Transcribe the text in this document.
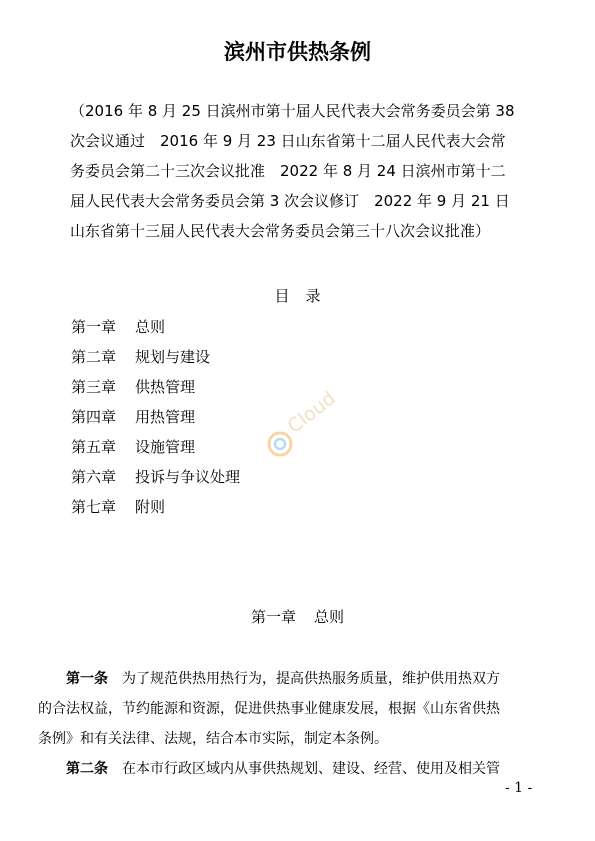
滨州市供热条例
（2016 年 8 月 25 日滨州市第十届人民代表大会常务委员会第 38
次会议通过　2016 年 9 月 23 日山东省第十二届人民代表大会常
务委员会第二十三次会议批准　2022 年 8 月 24 日滨州市第十二
届人民代表大会常务委员会第 3 次会议修订　2022 年 9 月 21 日
山东省第十三届人民代表大会常务委员会第三十八次会议批准）
目录
第一章	总则
第二章	规划与建设
第三章	供热管理
第四章	用热管理
第五章	设施管理
第六章	投诉与争议处理
第七章	附则
Cloud
第一章 总则
第一条 为了规范供热用热行为，提高供热服务质量，维护供用热双方
的合法权益，节约能源和资源，促进供热事业健康发展，根据《山东省供热
条例》和有关法律、法规，结合本市实际，制定本条例。
第二条 在本市行政区域内从事供热规划、建设、经营、使用及相关管
- 1 -
